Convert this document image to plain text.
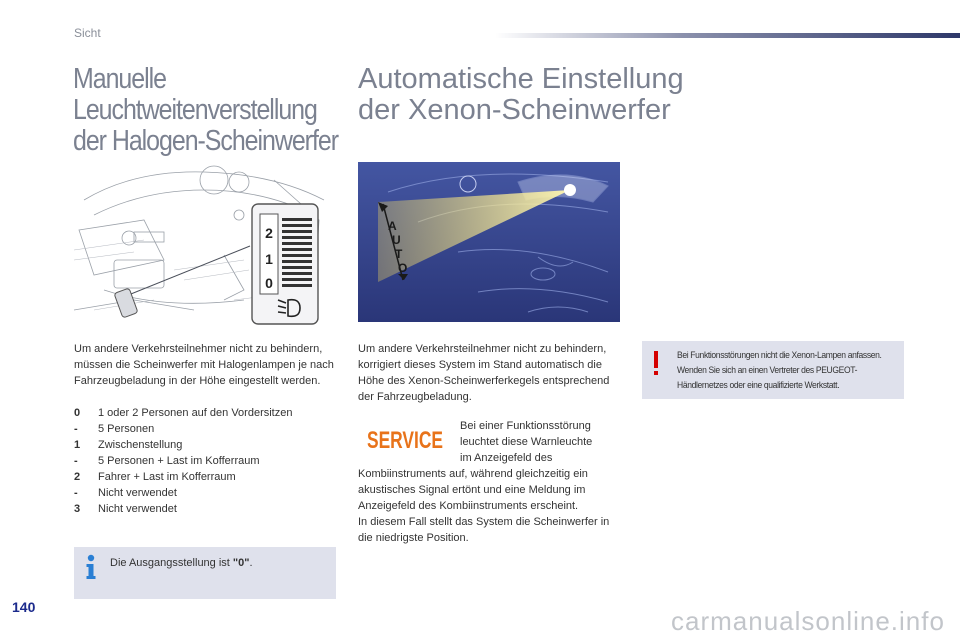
Sicht
Manuelle
Leuchtweitenverstellung
der Halogen-Scheinwerfer
Automatische Einstellung
der Xenon-Scheinwerfer
2
1
0
A
U
T
O
Um andere Verkehrsteilnehmer nicht zu behindern, müssen die Scheinwerfer mit Halogenlampen je nach Fahrzeugbeladung in der Höhe eingestellt werden.
0	1 oder 2 Personen auf den Vordersitzen
-	5 Personen
1	Zwischenstellung
-	5 Personen + Last im Kofferraum
2	Fahrer + Last im Kofferraum
-	Nicht verwendet
3	Nicht verwendet
Die Ausgangsstellung ist "0".
Um andere Verkehrsteilnehmer nicht zu behindern, korrigiert dieses System im Stand automatisch die Höhe des Xenon-Scheinwerferkegels entsprechend der Fahrzeugbeladung.
SERVICE
Bei einer Funktionsstörung
leuchtet diese Warnleuchte
im Anzeigefeld des
Kombiinstruments auf, während gleichzeitig ein akustisches Signal ertönt und eine Meldung im Anzeigefeld des Kombiinstruments erscheint.
In diesem Fall stellt das System die Scheinwerfer in die niedrigste Position.
Bei Funktionsstörungen nicht die Xenon-Lampen anfassen. Wenden Sie sich an einen Vertreter des PEUGEOT-Händlernetzes oder eine qualifizierte Werkstatt.
140	carmanualsonline.info
